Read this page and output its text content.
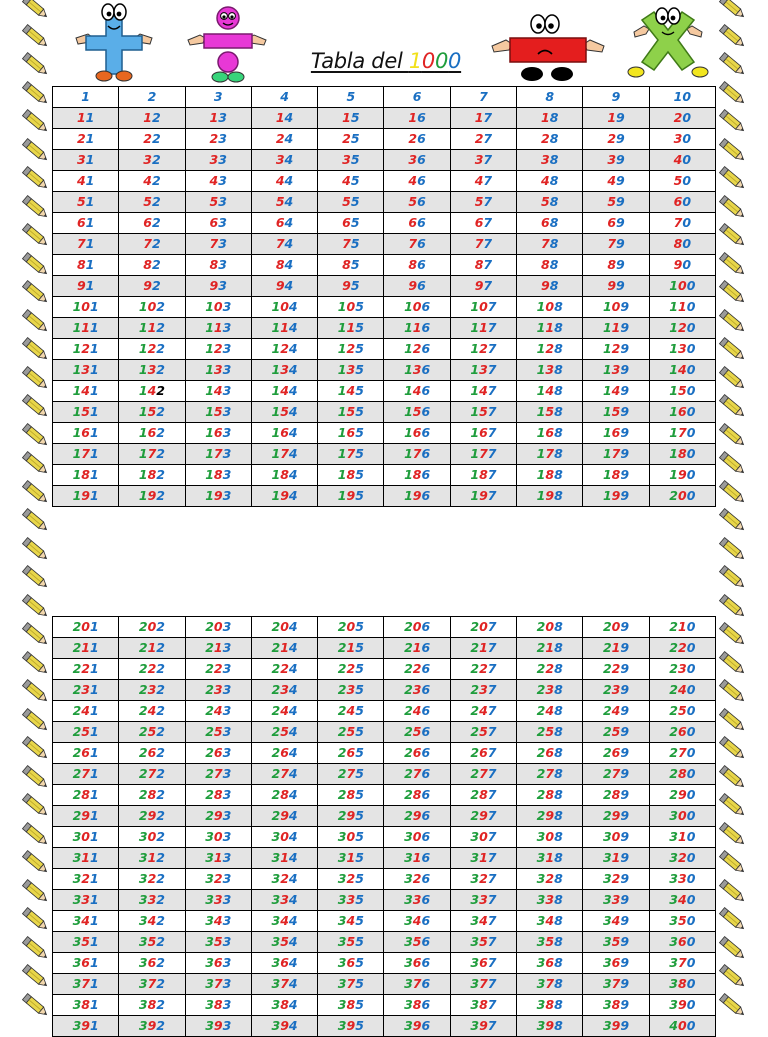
Tabla del 1000
1	2	3	4	5	6	7	8	9	10
11	12	13	14	15	16	17	18	19	20
21	22	23	24	25	26	27	28	29	30
31	32	33	34	35	36	37	38	39	40
41	42	43	44	45	46	47	48	49	50
51	52	53	54	55	56	57	58	59	60
61	62	63	64	65	66	67	68	69	70
71	72	73	74	75	76	77	78	79	80
81	82	83	84	85	86	87	88	89	90
91	92	93	94	95	96	97	98	99	100
101	102	103	104	105	106	107	108	109	110
111	112	113	114	115	116	117	118	119	120
121	122	123	124	125	126	127	128	129	130
131	132	133	134	135	136	137	138	139	140
141	142	143	144	145	146	147	148	149	150
151	152	153	154	155	156	157	158	159	160
161	162	163	164	165	166	167	168	169	170
171	172	173	174	175	176	177	178	179	180
181	182	183	184	185	186	187	188	189	190
191	192	193	194	195	196	197	198	199	200
201	202	203	204	205	206	207	208	209	210
211	212	213	214	215	216	217	218	219	220
221	222	223	224	225	226	227	228	229	230
231	232	233	234	235	236	237	238	239	240
241	242	243	244	245	246	247	248	249	250
251	252	253	254	255	256	257	258	259	260
261	262	263	264	265	266	267	268	269	270
271	272	273	274	275	276	277	278	279	280
281	282	283	284	285	286	287	288	289	290
291	292	293	294	295	296	297	298	299	300
301	302	303	304	305	306	307	308	309	310
311	312	313	314	315	316	317	318	319	320
321	322	323	324	325	326	327	328	329	330
331	332	333	334	335	336	337	338	339	340
341	342	343	344	345	346	347	348	349	350
351	352	353	354	355	356	357	358	359	360
361	362	363	364	365	366	367	368	369	370
371	372	373	374	375	376	377	378	379	380
381	382	383	384	385	386	387	388	389	390
391	392	393	394	395	396	397	398	399	400
